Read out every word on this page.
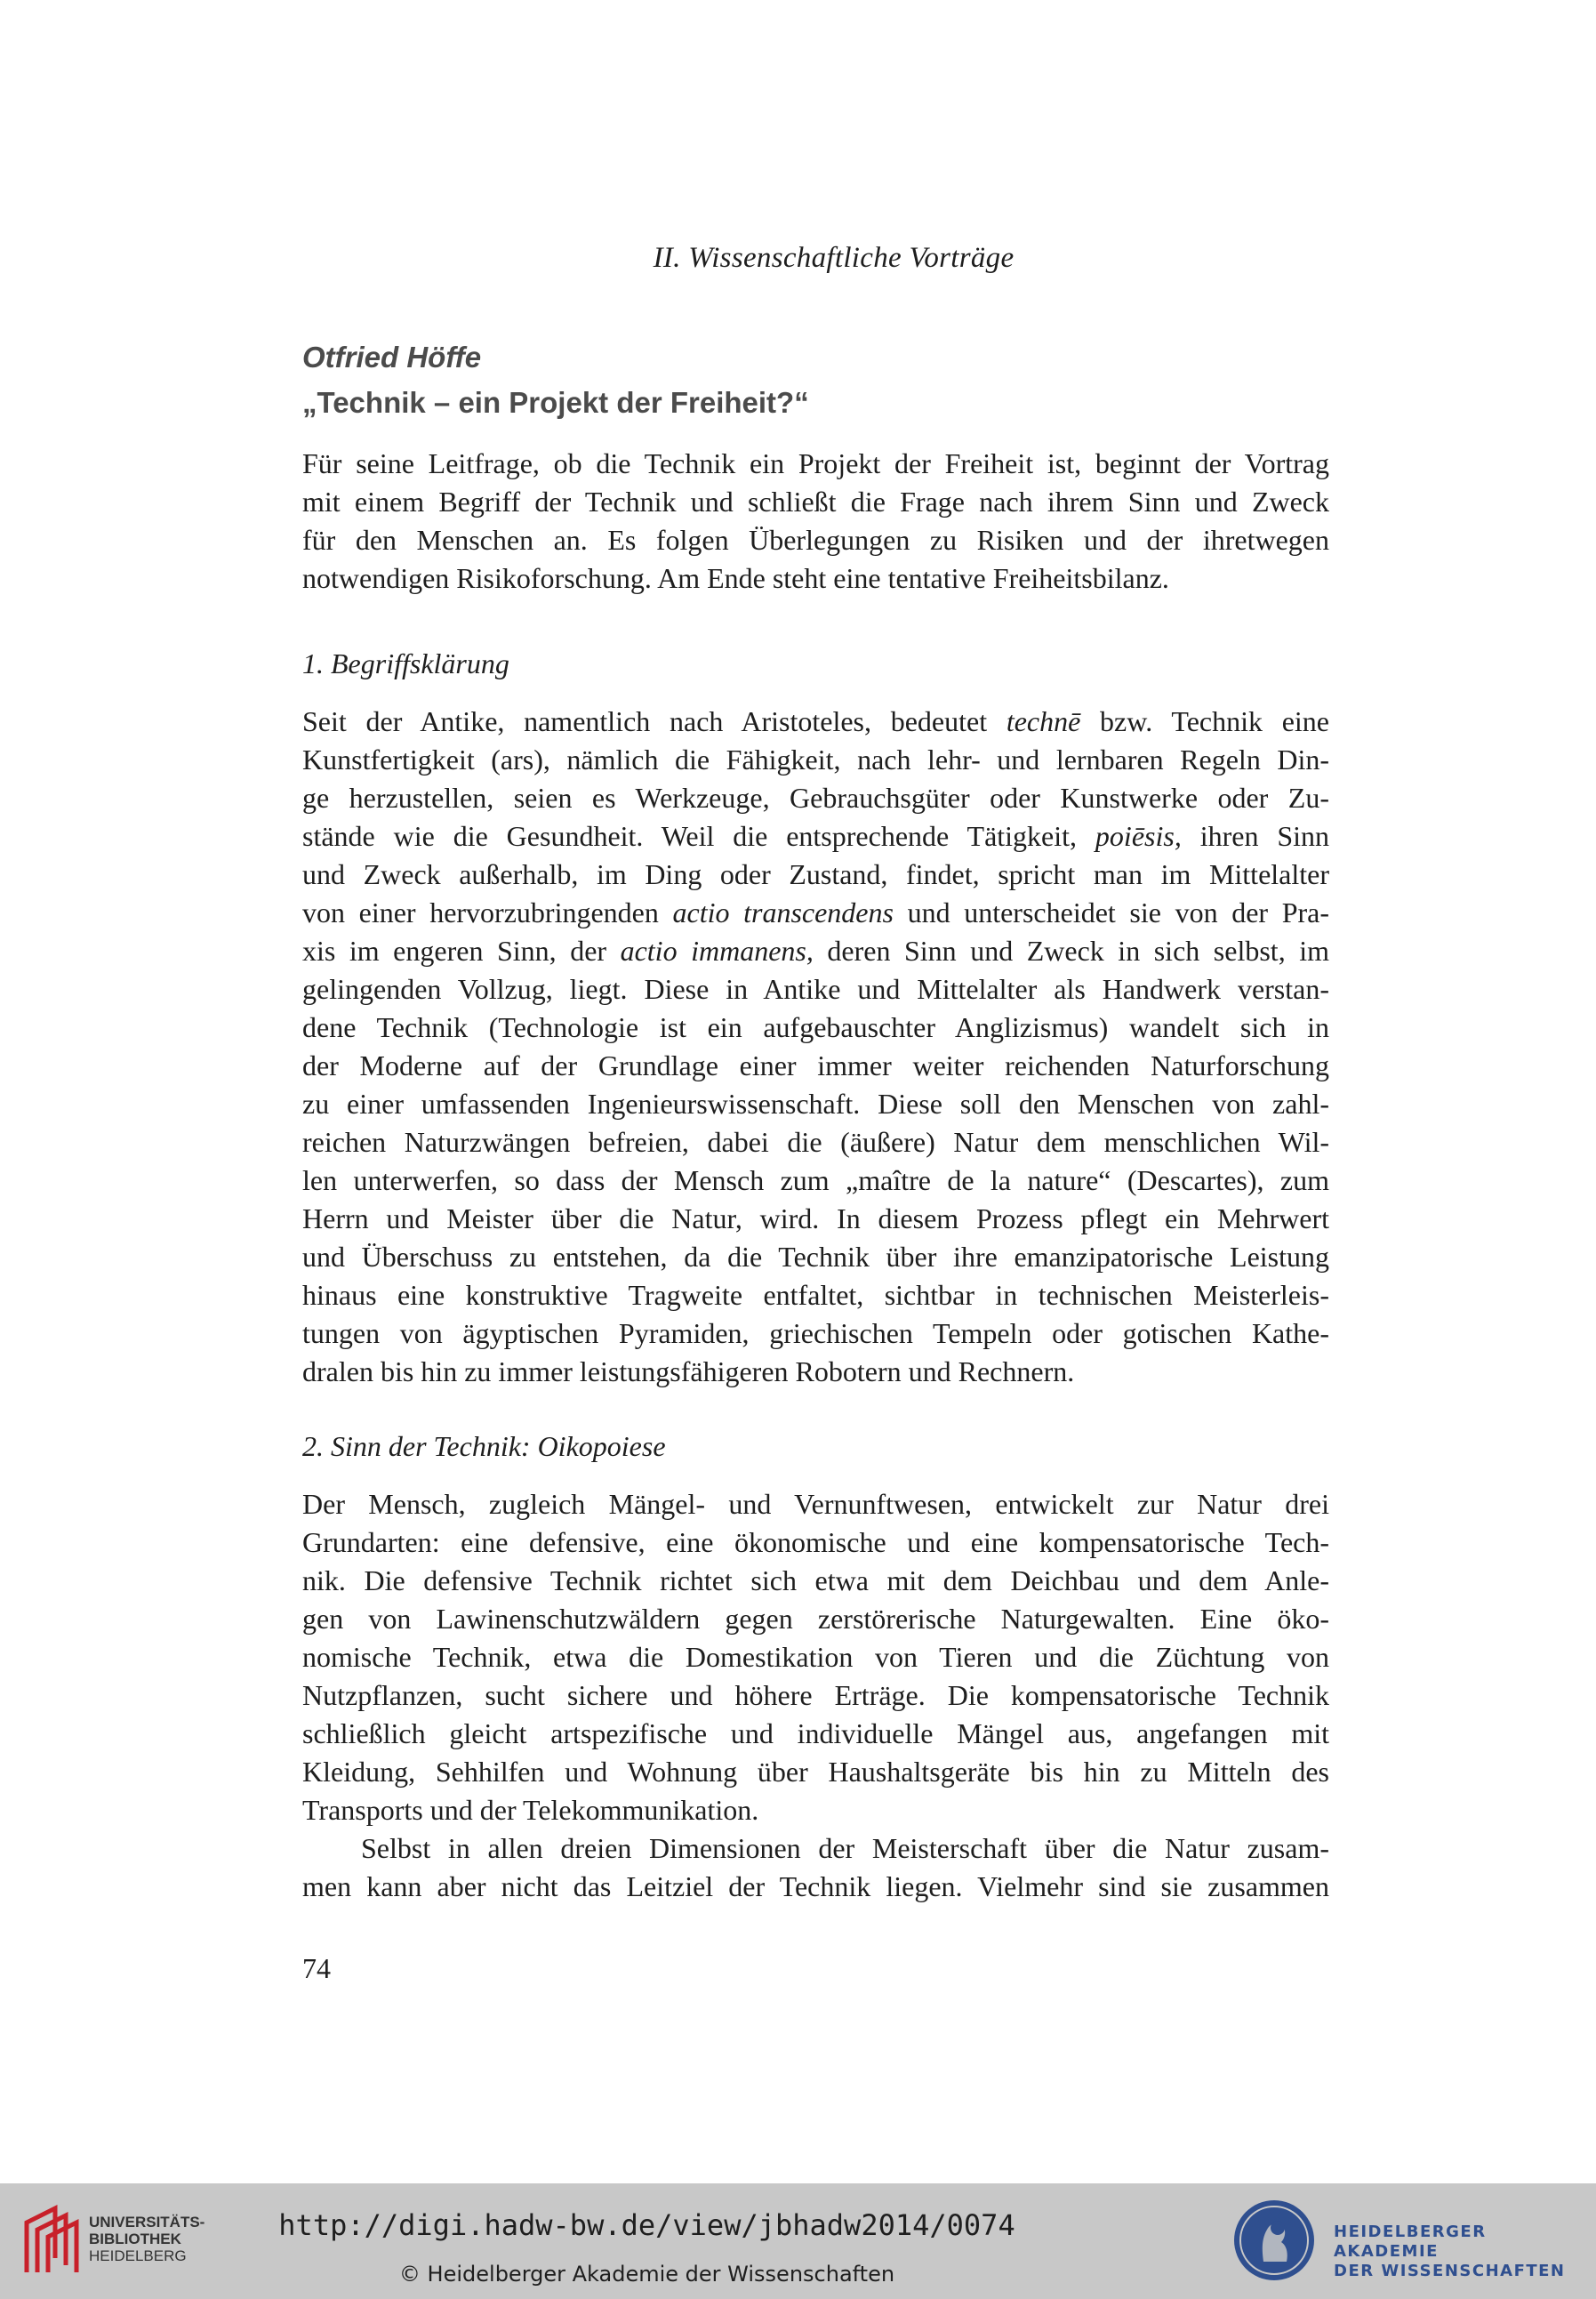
II. Wissenschaftliche Vorträge
Otfried Höffe
„Technik – ein Projekt der Freiheit?“
Für seine Leitfrage, ob die Technik ein Projekt der Freiheit ist, beginnt der Vortrag
mit einem Begriff der Technik und schließt die Frage nach ihrem Sinn und Zweck
für den Menschen an. Es folgen Überlegungen zu Risiken und der ihretwegen
notwendigen Risikoforschung. Am Ende steht eine tentative Freiheitsbilanz.
1. Begriffsklärung
Seit der Antike, namentlich nach Aristoteles, bedeutet technē bzw. Technik eine
Kunstfertigkeit (ars), nämlich die Fähigkeit, nach lehr- und lernbaren Regeln Din-
ge herzustellen, seien es Werkzeuge, Gebrauchsgüter oder Kunstwerke oder Zu-
stände wie die Gesundheit. Weil die entsprechende Tätigkeit, poiēsis, ihren Sinn
und Zweck außerhalb, im Ding oder Zustand, findet, spricht man im Mittelalter
von einer hervorzubringenden actio transcendens und unterscheidet sie von der Pra-
xis im engeren Sinn, der actio immanens, deren Sinn und Zweck in sich selbst, im
gelingenden Vollzug, liegt. Diese in Antike und Mittelalter als Handwerk verstan-
dene Technik (Technologie ist ein aufgebauschter Anglizismus) wandelt sich in
der Moderne auf der Grundlage einer immer weiter reichenden Naturforschung
zu einer umfassenden Ingenieurswissenschaft. Diese soll den Menschen von zahl-
reichen Naturzwängen befreien, dabei die (äußere) Natur dem menschlichen Wil-
len unterwerfen, so dass der Mensch zum „maître de la nature“ (Descartes), zum
Herrn und Meister über die Natur, wird. In diesem Prozess pflegt ein Mehrwert
und Überschuss zu entstehen, da die Technik über ihre emanzipatorische Leistung
hinaus eine konstruktive Tragweite entfaltet, sichtbar in technischen Meisterleis-
tungen von ägyptischen Pyramiden, griechischen Tempeln oder gotischen Kathe-
dralen bis hin zu immer leistungsfähigeren Robotern und Rechnern.
2. Sinn der Technik: Oikopoiese
Der Mensch, zugleich Mängel- und Vernunftwesen, entwickelt zur Natur drei
Grundarten: eine defensive, eine ökonomische und eine kompensatorische Tech-
nik. Die defensive Technik richtet sich etwa mit dem Deichbau und dem Anle-
gen von Lawinenschutzwäldern gegen zerstörerische Naturgewalten. Eine öko-
nomische Technik, etwa die Domestikation von Tieren und die Züchtung von
Nutzpflanzen, sucht sichere und höhere Erträge. Die kompensatorische Technik
schließlich gleicht artspezifische und individuelle Mängel aus, angefangen mit
Kleidung, Sehhilfen und Wohnung über Haushaltsgeräte bis hin zu Mitteln des
Transports und der Telekommunikation.
Selbst in allen dreien Dimensionen der Meisterschaft über die Natur zusam-
men kann aber nicht das Leitziel der Technik liegen. Vielmehr sind sie zusammen
74
UNIVERSITÄTS-
BIBLIOTHEK
HEIDELBERG
http://digi.hadw-bw.de/view/jbhadw2014/0074
© Heidelberger Akademie der Wissenschaften
HEIDELBERGER AKADEMIE
DER WISSENSCHAFTEN
